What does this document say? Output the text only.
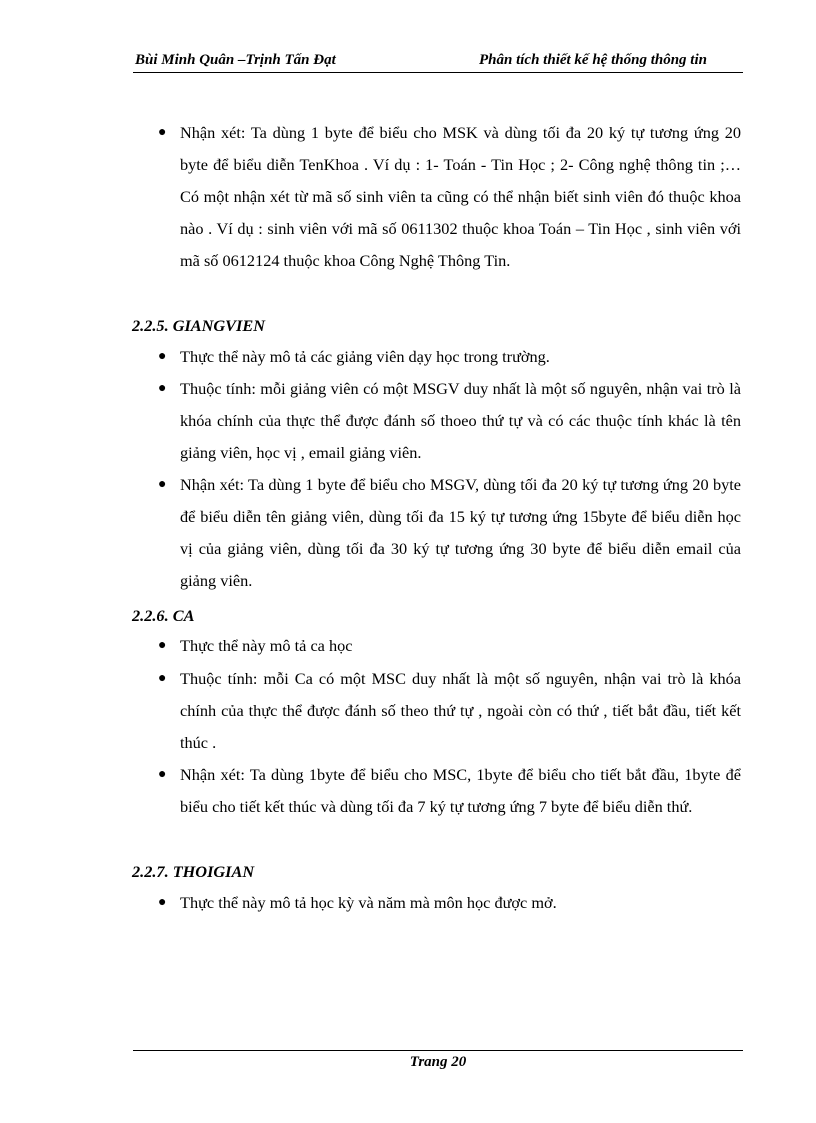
Bùi Minh Quân –Trịnh Tấn Đạt	Phân tích thiết kế hệ thống thông tin
● Nhận xét: Ta dùng 1 byte để biểu cho MSK và dùng tối đa 20 ký tự tương ứng 20 byte để biểu diễn TenKhoa . Ví dụ : 1- Toán - Tin Học ; 2- Công nghệ thông tin ;… Có một nhận xét từ mã số sinh viên ta cũng có thể nhận biết sinh viên đó thuộc khoa nào . Ví dụ : sinh viên với mã số 0611302 thuộc khoa Toán – Tin Học , sinh viên với mã số 0612124 thuộc khoa Công Nghệ Thông Tin.
2.2.5. GIANGVIEN
● Thực thể này mô tả các giảng viên dạy học trong trường.
● Thuộc tính: mỗi giảng viên có một MSGV duy nhất là một số nguyên, nhận vai trò là khóa chính của thực thể được đánh số thoeo thứ tự và có các thuộc tính khác là tên giảng viên, học vị , email giảng viên.
● Nhận xét: Ta dùng 1 byte để biểu cho MSGV, dùng tối đa 20 ký tự tương ứng 20 byte để biểu diễn tên giảng viên, dùng tối đa 15 ký tự tương ứng 15byte để biểu diễn học vị của giảng viên, dùng tối đa 30 ký tự tương ứng 30 byte để biểu diễn email của giảng viên.
2.2.6. CA
● Thực thể này mô tả ca học
● Thuộc tính: mỗi Ca có một MSC duy nhất là một số nguyên, nhận vai trò là khóa chính của thực thể được đánh số theo thứ tự , ngoài còn có thứ , tiết bắt đầu, tiết kết thúc .
● Nhận xét: Ta dùng 1byte để biểu cho MSC, 1byte để biểu cho tiết bắt đầu, 1byte để biểu cho tiết kết thúc và dùng tối đa 7 ký tự tương ứng 7 byte để biểu diễn thứ.
2.2.7. THOIGIAN
● Thực thể này mô tả học kỳ và năm mà môn học được mở.
Trang 20
